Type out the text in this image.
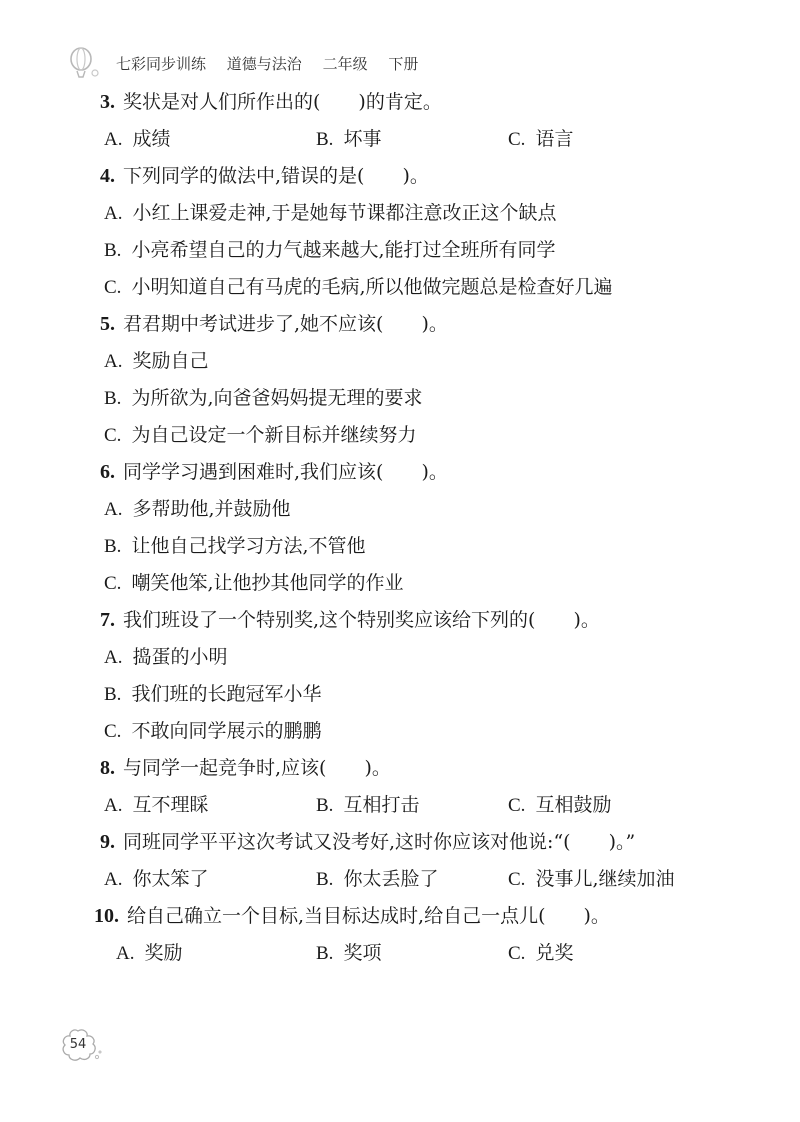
七彩同步训练 道德与法治 二年级 下册
3. 奖状是对人们所作出的(　　)的肯定。
A. 成绩	B. 坏事	C. 语言
4. 下列同学的做法中,错误的是(　　)。
A. 小红上课爱走神,于是她每节课都注意改正这个缺点
B. 小亮希望自己的力气越来越大,能打过全班所有同学
C. 小明知道自己有马虎的毛病,所以他做完题总是检查好几遍
5. 君君期中考试进步了,她不应该(　　)。
A. 奖励自己
B. 为所欲为,向爸爸妈妈提无理的要求
C. 为自己设定一个新目标并继续努力
6. 同学学习遇到困难时,我们应该(　　)。
A. 多帮助他,并鼓励他
B. 让他自己找学习方法,不管他
C. 嘲笑他笨,让他抄其他同学的作业
7. 我们班设了一个特别奖,这个特别奖应该给下列的(　　)。
A. 捣蛋的小明
B. 我们班的长跑冠军小华
C. 不敢向同学展示的鹏鹏
8. 与同学一起竞争时,应该(　　)。
A. 互不理睬	B. 互相打击	C. 互相鼓励
9. 同班同学平平这次考试又没考好,这时你应该对他说:“(　　)。”
A. 你太笨了	B. 你太丢脸了	C. 没事儿,继续加油
10. 给自己确立一个目标,当目标达成时,给自己一点儿(　　)。
A. 奖励	B. 奖项	C. 兑奖
54
